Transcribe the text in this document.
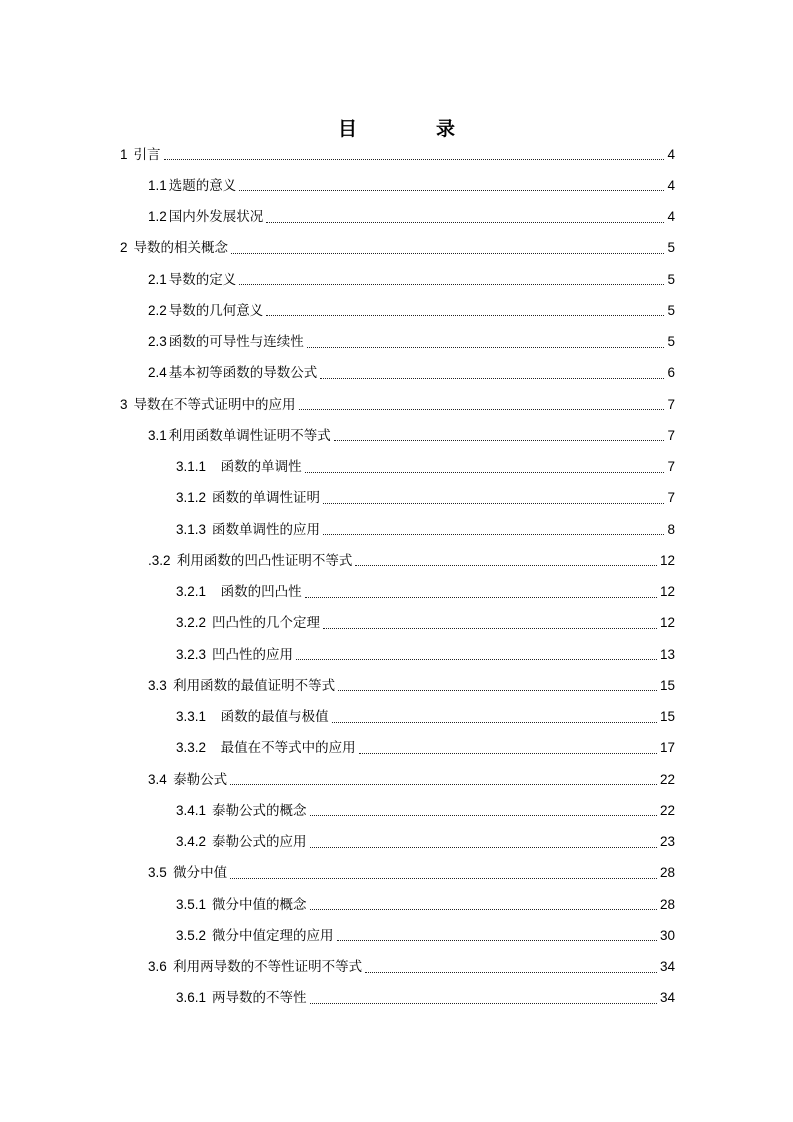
目　录
1 引言	4
1.1 选题的意义	4
1.2 国内外发展状况	4
2 导数的相关概念	5
2.1 导数的定义	5
2.2 导数的几何意义	5
2.3 函数的可导性与连续性	5
2.4 基本初等函数的导数公式	6
3 导数在不等式证明中的应用	7
3.1 利用函数单调性证明不等式	7
3.1.1 函数的单调性	7
3.1.2 函数的单调性证明	7
3.1.3 函数单调性的应用	8
.3.2 利用函数的凹凸性证明不等式	12
3.2.1 函数的凹凸性	12
3.2.2 凹凸性的几个定理	12
3.2.3 凹凸性的应用	13
3.3 利用函数的最值证明不等式	15
3.3.1 函数的最值与极值	15
3.3.2 最值在不等式中的应用	17
3.4 泰勒公式	22
3.4.1 泰勒公式的概念	22
3.4.2 泰勒公式的应用	23
3.5 微分中值	28
3.5.1 微分中值的概念	28
3.5.2 微分中值定理的应用	30
3.6 利用两导数的不等性证明不等式	34
3.6.1 两导数的不等性	34
